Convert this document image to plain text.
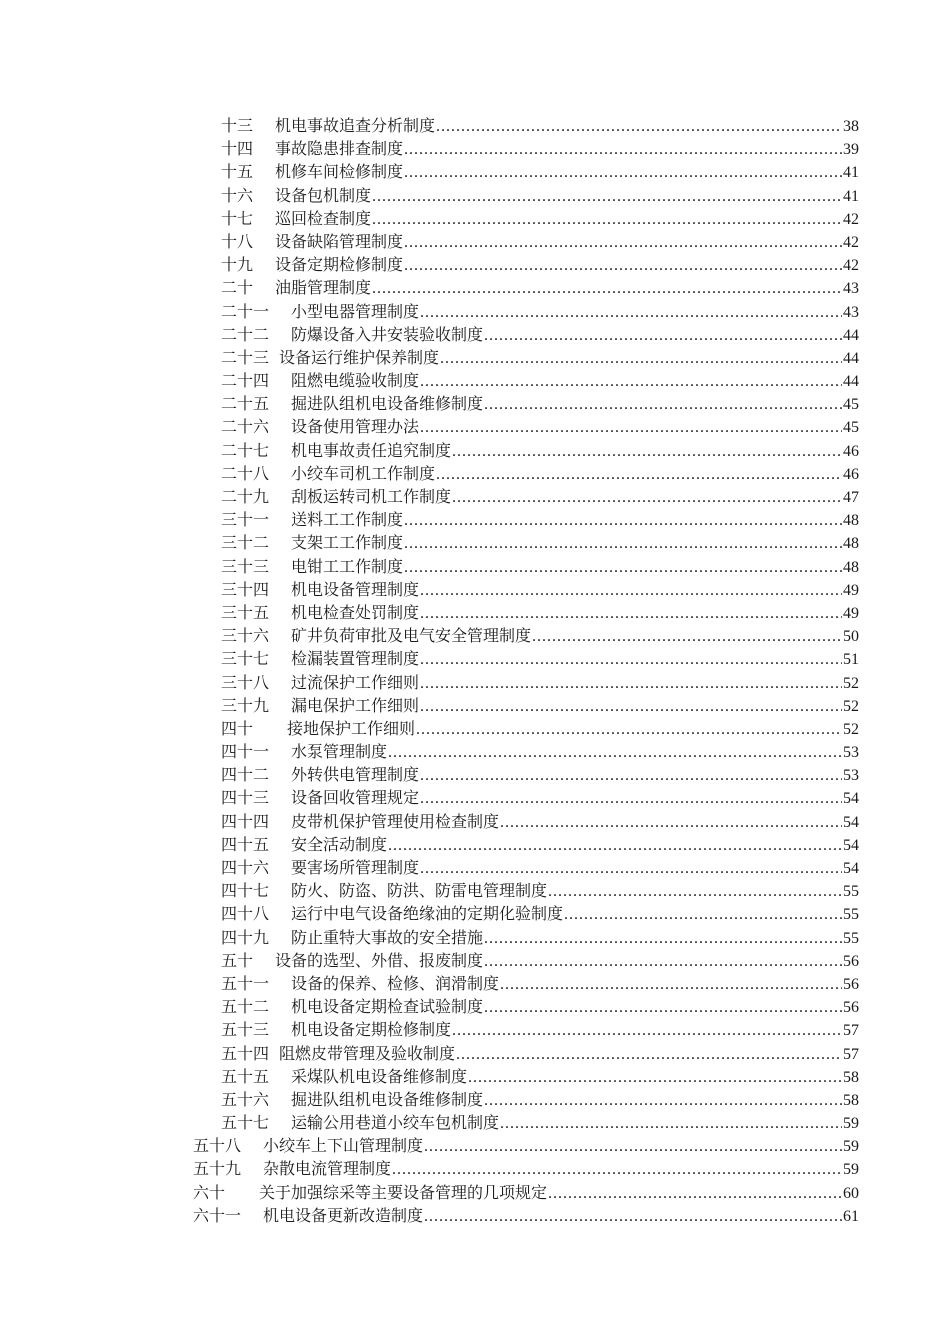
十三 机电事故追查分析制度 .....	38
十四 事故隐患排查制度 .....	39
十五 机修车间检修制度 .....	41
十六 设备包机制度 .....	41
十七 巡回检查制度 .....	42
十八 设备缺陷管理制度 .....	42
十九 设备定期检修制度 .....	42
二十 油脂管理制度 .....	43
二十一 小型电器管理制度 .....	43
二十二 防爆设备入井安装验收制度 .....	44
二十三 设备运行维护保养制度 .....	44
二十四 阻燃电缆验收制度 .....	44
二十五 掘进队组机电设备维修制度 .....	45
二十六 设备使用管理办法 .....	45
二十七 机电事故责任追究制度 .....	46
二十八 小绞车司机工作制度 .....	46
二十九 刮板运转司机工作制度 .....	47
三十一 送料工工作制度 .....	48
三十二 支架工工作制度 .....	48
三十三 电钳工工作制度 .....	48
三十四 机电设备管理制度 .....	49
三十五 机电检查处罚制度 .....	49
三十六 矿井负荷审批及电气安全管理制度 .....	50
三十七 检漏装置管理制度 .....	51
三十八 过流保护工作细则 .....	52
三十九 漏电保护工作细则 .....	52
四十 接地保护工作细则 .....	52
四十一 水泵管理制度 .....	53
四十二 外转供电管理制度 .....	53
四十三 设备回收管理规定 .....	54
四十四 皮带机保护管理使用检查制度 .....	54
四十五 安全活动制度 .....	54
四十六 要害场所管理制度 .....	54
四十七 防火、防盗、防洪、防雷电管理制度 .....	55
四十八 运行中电气设备绝缘油的定期化验制度 .....	55
四十九 防止重特大事故的安全措施 .....	55
五十 设备的选型、外借、报废制度 .....	56
五十一 设备的保养、检修、润滑制度 .....	56
五十二 机电设备定期检查试验制度 .....	56
五十三 机电设备定期检修制度 .....	57
五十四 阻燃皮带管理及验收制度 .....	57
五十五 采煤队机电设备维修制度 .....	58
五十六 掘进队组机电设备维修制度 .....	58
五十七 运输公用巷道小绞车包机制度 .....	59
五十八 小绞车上下山管理制度 .....	59
五十九 杂散电流管理制度 .....	59
六十 关于加强综采等主要设备管理的几项规定 .....	60
六十一 机电设备更新改造制度 .....	61
